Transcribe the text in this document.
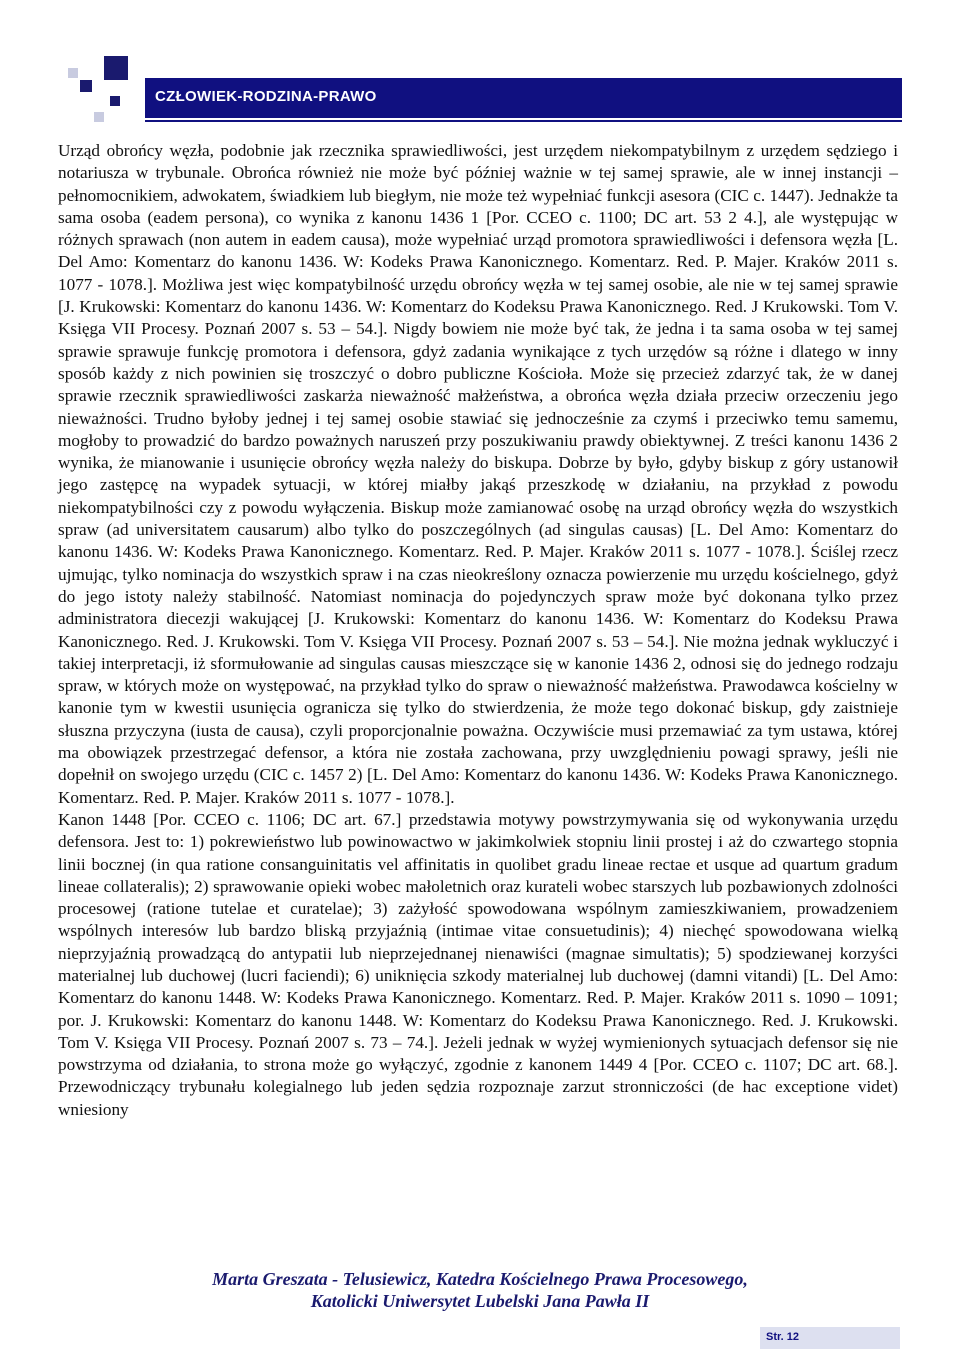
CZŁOWIEK-RODZINA-PRAWO

Urząd obrońcy węzła, podobnie jak rzecznika sprawiedliwości, jest urzędem niekompatybilnym z urzędem sędziego i notariusza w trybunale. Obrońca również nie może być później ważnie w tej samej sprawie, ale w innej instancji – pełnomocnikiem, adwokatem, świadkiem lub biegłym, nie może też wypełniać funkcji asesora (CIC c. 1447). Jednakże ta sama osoba (eadem persona), co wynika z kanonu 1436 1 [Por. CCEO c. 1100; DC art. 53 2 4.], ale występując w różnych sprawach (non autem in eadem causa), może wypełniać urząd promotora sprawiedliwości i defensora węzła [L. Del Amo: Komentarz do kanonu 1436. W: Kodeks Prawa Kanonicznego. Komentarz. Red. P. Majer. Kraków 2011 s. 1077 - 1078.]. Możliwa jest więc kompatybilność urzędu obrońcy węzła w tej samej osobie, ale nie w tej samej sprawie [J. Krukowski: Komentarz do kanonu 1436. W: Komentarz do Kodeksu Prawa Kanonicznego. Red. J Krukowski. Tom V. Księga VII Procesy. Poznań 2007 s. 53 – 54.]. Nigdy bowiem nie może być tak, że jedna i ta sama osoba w tej samej sprawie sprawuje funkcję promotora i defensora, gdyż zadania wynikające z tych urzędów są różne i dlatego w inny sposób każdy z nich powinien się troszczyć o dobro publiczne Kościoła. Może się przecież zdarzyć tak, że w danej sprawie rzecznik sprawiedliwości zaskarża nieważność małżeństwa, a obrońca węzła działa przeciw orzeczeniu jego nieważności. Trudno byłoby jednej i tej samej osobie stawiać się jednocześnie za czymś i przeciwko temu samemu, mogłoby to prowadzić do bardzo poważnych naruszeń przy poszukiwaniu prawdy obiektywnej. Z treści kanonu 1436 2 wynika, że mianowanie i usunięcie obrońcy węzła należy do biskupa. Dobrze by było, gdyby biskup z góry ustanowił jego zastępcę na wypadek sytuacji, w której miałby jakąś przeszkodę w działaniu, na przykład z powodu niekompatybilności czy z powodu wyłączenia. Biskup może zamianować osobę na urząd obrońcy węzła do wszystkich spraw (ad universitatem causarum) albo tylko do poszczególnych (ad singulas causas) [L. Del Amo: Komentarz do kanonu 1436. W: Kodeks Prawa Kanonicznego. Komentarz. Red. P. Majer. Kraków 2011 s. 1077 - 1078.]. Ściślej rzecz ujmując, tylko nominacja do wszystkich spraw i na czas nieokreślony oznacza powierzenie mu urzędu kościelnego, gdyż do jego istoty należy stabilność. Natomiast nominacja do pojedynczych spraw może być dokonana tylko przez administratora diecezji wakującej [J. Krukowski: Komentarz do kanonu 1436. W: Komentarz do Kodeksu Prawa Kanonicznego. Red. J. Krukowski. Tom V. Księga VII Procesy. Poznań 2007 s. 53 – 54.]. Nie można jednak wykluczyć i takiej interpretacji, iż sformułowanie ad singulas causas mieszczące się w kanonie 1436 2, odnosi się do jednego rodzaju spraw, w których może on występować, na przykład tylko do spraw o nieważność małżeństwa. Prawodawca kościelny w kanonie tym w kwestii usunięcia ogranicza się tylko do stwierdzenia, że może tego dokonać biskup, gdy zaistnieje słuszna przyczyna (iusta de causa), czyli proporcjonalnie poważna. Oczywiście musi przemawiać za tym ustawa, której ma obowiązek przestrzegać defensor, a która nie została zachowana, przy uwzględnieniu powagi sprawy, jeśli nie dopełnił on swojego urzędu (CIC c. 1457 2) [L. Del Amo: Komentarz do kanonu 1436. W: Kodeks Prawa Kanonicznego. Komentarz. Red. P. Majer. Kraków 2011 s. 1077 - 1078.].

Kanon 1448 [Por. CCEO c. 1106; DC art. 67.] przedstawia motywy powstrzymywania się od wykonywania urzędu defensora. Jest to: 1) pokrewieństwo lub powinowactwo w jakimkolwiek stopniu linii prostej i aż do czwartego stopnia linii bocznej (in qua ratione consanguinitatis vel affinitatis in quolibet gradu lineae rectae et usque ad quartum gradum lineae collateralis); 2) sprawowanie opieki wobec małoletnich oraz kurateli wobec starszych lub pozbawionych zdolności procesowej (ratione tutelae et curatelae); 3) zażyłość spowodowana wspólnym zamieszkiwaniem, prowadzeniem wspólnych interesów lub bardzo bliską przyjaźnią (intimae vitae consuetudinis); 4) niechęć spowodowana wielką nieprzyjaźnią prowadzącą do antypatii lub nieprzejednanej nienawiści (magnae simultatis); 5) spodziewanej korzyści materialnej lub duchowej (lucri faciendi); 6) uniknięcia szkody materialnej lub duchowej (damni vitandi) [L. Del Amo: Komentarz do kanonu 1448. W: Kodeks Prawa Kanonicznego. Komentarz. Red. P. Majer. Kraków 2011 s. 1090 – 1091; por. J. Krukowski: Komentarz do kanonu 1448. W: Komentarz do Kodeksu Prawa Kanonicznego. Red. J. Krukowski. Tom V. Księga VII Procesy. Poznań 2007 s. 73 – 74.]. Jeżeli jednak w wyżej wymienionych sytuacjach defensor się nie powstrzyma od działania, to strona może go wyłączyć, zgodnie z kanonem 1449 4 [Por. CCEO c. 1107; DC art. 68.]. Przewodniczący trybunału kolegialnego lub jeden sędzia rozpoznaje zarzut stronniczości (de hac exceptione videt) wniesiony

Marta Greszata - Telusiewicz, Katedra Kościelnego Prawa Procesowego,
Katolicki Uniwersytet Lubelski Jana Pawła II
Str. 12
